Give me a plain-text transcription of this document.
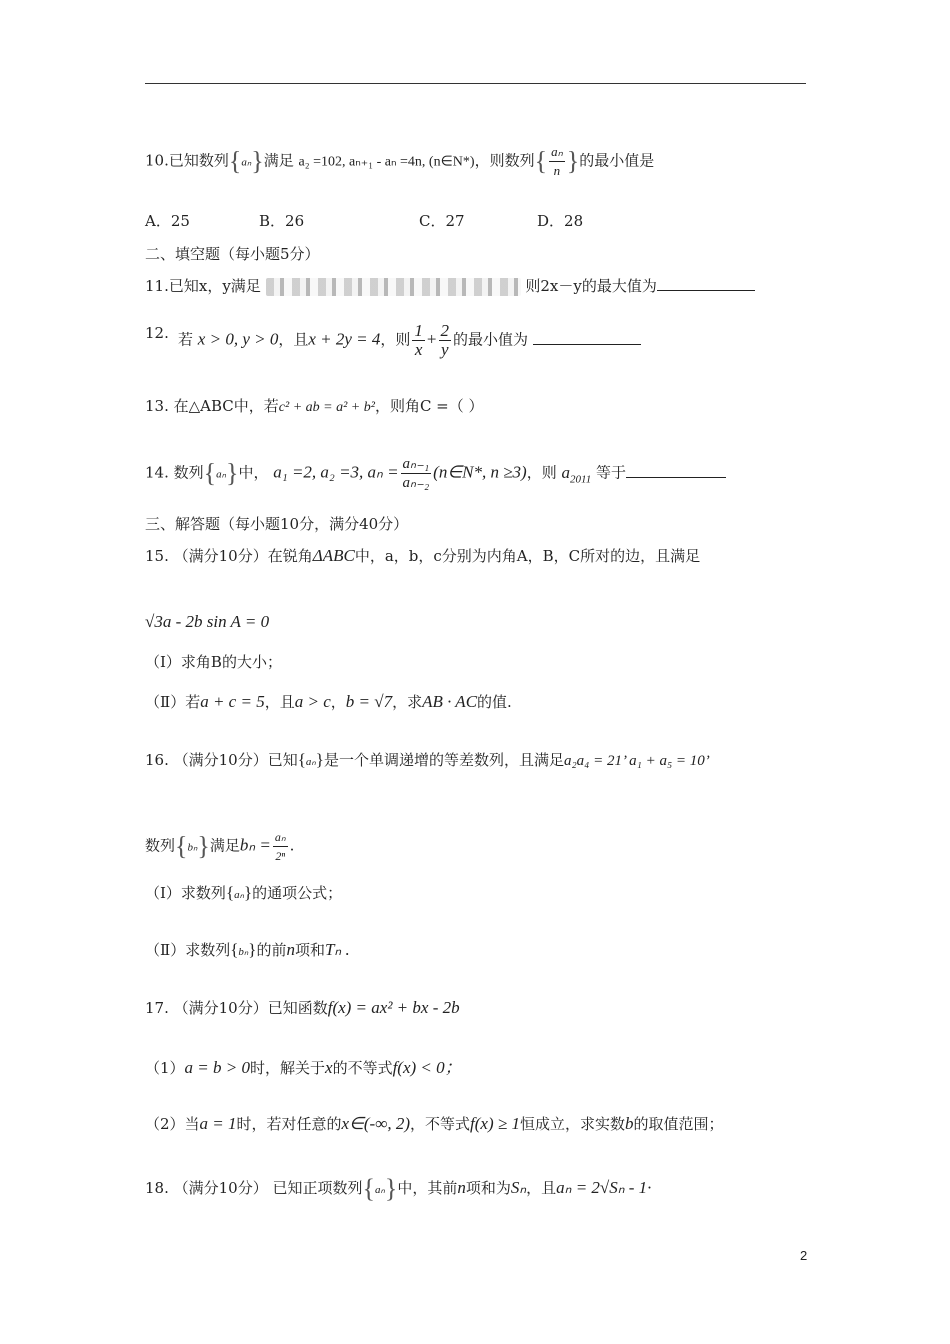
10.已知数列{aₙ}满足 a₂ =102, aₙ₊₁ - aₙ =4n, (n∈N*)，则数列{ $\frac{\text{aₙ}}{n}$ }的最小值是
A．25	B．26	C．27	D．28
二、填空题（每小题5分）
11.已知x，y满足	则2x－y的最大值为
12. 若 x > 0, y > 0，且x + 2y = 4，则 $\frac{1}{x} + \frac{2}{y}$ 的最小值为
13. 在△ABC中，若c² + ab = a² + b²，则角C =（ ）
14. 数列{aₙ}中， a₁ =2, a₂ =3, $a_n = \frac{\text{aₙ₋₁}}{\text{aₙ₋₂}}$ (n∈N*, n ≥3)，则 $a_{2011}$ 等于
三、解答题（每小题10分，满分40分）
15. （满分10分）在锐角ΔABC中，a，b，c分别为内角A，B，C所对的边，且满足
√3a - 2b sin A = 0
（Ⅰ）求角B的大小；
（Ⅱ）若a + c = 5，且a > c，b = √7，求AB · AC的值.
16. （满分10分）已知{aₙ}是一个单调递增的等差数列，且满足a₂a₄ = 21’ a₁ + a₅ = 10’
数列{bₙ}满足$b_n = \frac{\text{aₙ}}{\text{2ⁿ}}$ .
（Ⅰ）求数列{aₙ}的通项公式；
（Ⅱ）求数列{bₙ}的前n项和Tₙ .
17. （满分10分）已知函数f(x) = ax² + bx - 2b
（1）a = b > 0时，解关于x的不等式f(x) < 0；
（2）当a = 1时，若对任意的x∈(-∞, 2)，不等式f(x) ≥ 1恒成立，求实数b的取值范围；
18. （满分10分） 已知正项数列{aₙ}中，其前n项和为Sₙ，且aₙ = 2√Sₙ - 1·
2
